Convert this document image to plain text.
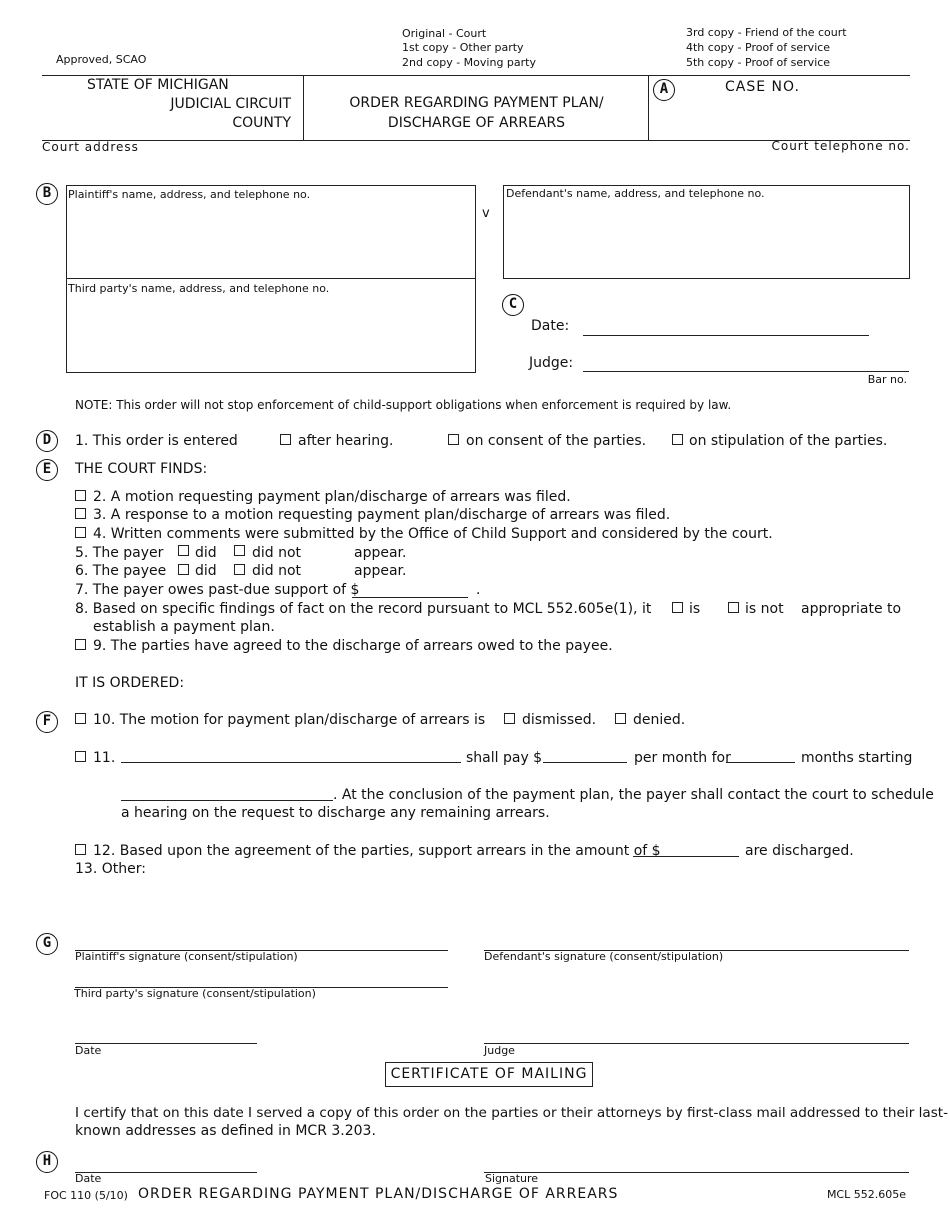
Approved, SCAO
Original - Court
1st copy - Other party
2nd copy - Moving party
3rd copy - Friend of the court
4th copy - Proof of service
5th copy - Proof of service
STATE OF MICHIGAN
JUDICIAL CIRCUIT
COUNTY
ORDER REGARDING PAYMENT PLAN/
DISCHARGE OF ARREARS
A	CASE NO.
Court address	Court telephone no.
B	Plaintiff's name, address, and telephone no.
Third party's name, address, and telephone no.
v
Defendant's name, address, and telephone no.
C
Date:
Judge:
Bar no.
NOTE: This order will not stop enforcement of child-support obligations when enforcement is required by law.
D	1. This order is entered	after hearing.	on consent of the parties.	on stipulation of the parties.
E	THE COURT FINDS:
2. A motion requesting payment plan/discharge of arrears was filed.
3. A response to a motion requesting payment plan/discharge of arrears was filed.
4. Written comments were submitted by the Office of Child Support and considered by the court.
5. The payer did	did not	appear.
6. The payee did	did not	appear.
7. The payer owes past-due support of $	.
8. Based on specific findings of fact on the record pursuant to MCL 552.605e(1), it	is	is not appropriate to
establish a payment plan.
9. The parties have agreed to the discharge of arrears owed to the payee.
IT IS ORDERED:
F	10. The motion for payment plan/discharge of arrears is	dismissed.	denied.
11.	shall pay $	per month for	months starting
. At the conclusion of the payment plan, the payer shall contact the court to schedule
a hearing on the request to discharge any remaining arrears.
12. Based upon the agreement of the parties, support arrears in the amount of $	are discharged.
13. Other:
G
Plaintiff's signature (consent/stipulation)	Defendant's signature (consent/stipulation)
Third party's signature (consent/stipulation)
Date	Judge
CERTIFICATE OF MAILING
I certify that on this date I served a copy of this order on the parties or their attorneys by first-class mail addressed to their last-
known addresses as defined in MCR 3.203.
H
Date	Signature
FOC 110 (5/10) ORDER REGARDING PAYMENT PLAN/DISCHARGE OF ARREARS	MCL 552.605e
